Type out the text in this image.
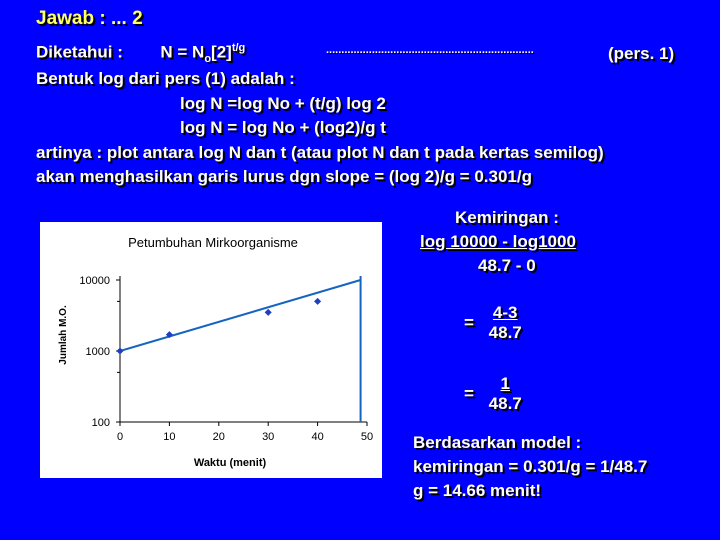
Jawab : ... 2
Diketahui : $N = N_o[2]^{t/g}$	....................................................................	(pers. 1)
Bentuk log dari pers (1) adalah :
log N =log No + (t/g) log 2
log N = log No + (log2)/g t
artinya : plot antara log N dan t (atau plot N dan t pada kertas semilog)
akan menghasilkan garis lurus dgn slope = (log 2)/g = 0.301/g
Petumbuhan Mirkoorganisme
Jumlah M.O.
Waktu (menit)
0	10	20	30	40	50
100
1000
10000
Kemiringan :
log 10000 - log1000
48.7 - 0
= $\frac{4-3}{48.7}$
= $\frac{1}{48.7}$
Berdasarkan model :
kemiringan = 0.301/g = 1/48.7
g = 14.66 menit!
